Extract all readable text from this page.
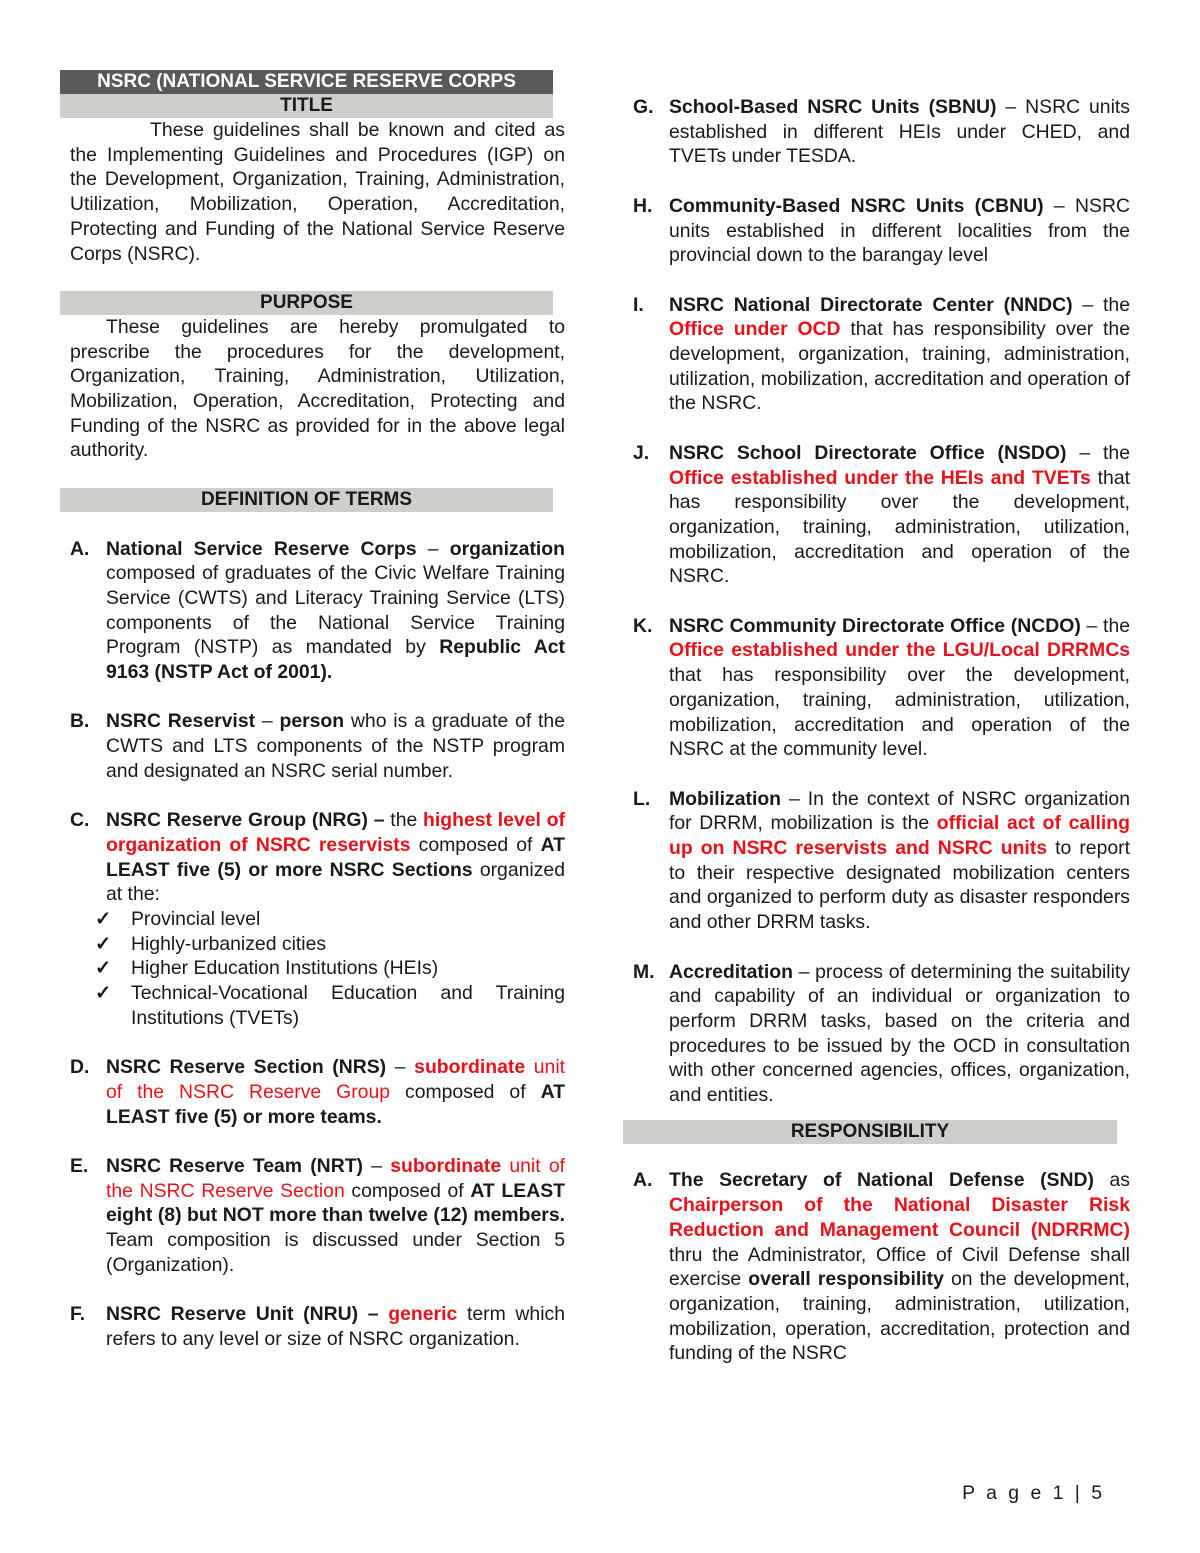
NSRC (NATIONAL SERVICE RESERVE CORPS
TITLE

These guidelines shall be known and cited as the Implementing Guidelines and Procedures (IGP) on the Development, Organization, Training, Administration, Utilization, Mobilization, Operation, Accreditation, Protecting and Funding of the National Service Reserve Corps (NSRC).

PURPOSE

These guidelines are hereby promulgated to prescribe the procedures for the development, Organization, Training, Administration, Utilization, Mobilization, Operation, Accreditation, Protecting and Funding of the NSRC as provided for in the above legal authority.

DEFINITION OF TERMS
A. National Service Reserve Corps – organization composed of graduates of the Civic Welfare Training Service (CWTS) and Literacy Training Service (LTS) components of the National Service Training Program (NSTP) as mandated by Republic Act 9163 (NSTP Act of 2001).
B. NSRC Reservist – person who is a graduate of the CWTS and LTS components of the NSTP program and designated an NSRC serial number.
C. NSRC Reserve Group (NRG) – the highest level of organization of NSRC reservists composed of AT LEAST five (5) or more NSRC Sections organized at the:
✓ Provincial level
✓ Highly-urbanized cities
✓ Higher Education Institutions (HEIs)
✓ Technical-Vocational Education and Training Institutions (TVETs)
D. NSRC Reserve Section (NRS) – subordinate unit of the NSRC Reserve Group composed of AT LEAST five (5) or more teams.
E. NSRC Reserve Team (NRT) – subordinate unit of the NSRC Reserve Section composed of AT LEAST eight (8) but NOT more than twelve (12) members. Team composition is discussed under Section 5 (Organization).
F.	NSRC Reserve Unit (NRU) – generic term which refers to any level or size of NSRC organization.
G. School-Based NSRC Units (SBNU) – NSRC units established in different HEIs under CHED, and TVETs under TESDA.
H. Community-Based NSRC Units (CBNU) – NSRC units established in different localities from the provincial down to the barangay level
I.	NSRC National Directorate Center (NNDC) – the Office under OCD that has responsibility over the development, organization, training, administration, utilization, mobilization, accreditation and operation of the NSRC.
J.	NSRC School Directorate Office (NSDO) – the Office established under the HEIs and TVETs that has responsibility over the development, organization, training, administration, utilization, mobilization, accreditation and operation of the NSRC.
K. NSRC Community Directorate Office (NCDO) – the Office established under the LGU/Local DRRMCs that has responsibility over the development, organization, training, administration, utilization, mobilization, accreditation and operation of the NSRC at the community level.
L. Mobilization – In the context of NSRC organization for DRRM, mobilization is the official act of calling up on NSRC reservists and NSRC units to report to their respective designated mobilization centers and organized to perform duty as disaster responders and other DRRM tasks.
M. Accreditation – process of determining the suitability and capability of an individual or organization to perform DRRM tasks, based on the criteria and procedures to be issued by the OCD in consultation with other concerned agencies, offices, organization, and entities.
RESPONSIBILITY
A. The Secretary of National Defense (SND) as Chairperson of the National Disaster Risk Reduction and Management Council (NDRRMC) thru the Administrator, Office of Civil Defense shall exercise overall responsibility on the development, organization, training, administration, utilization, mobilization, operation, accreditation, protection and funding of the NSRC
P a g e 1 | 5
